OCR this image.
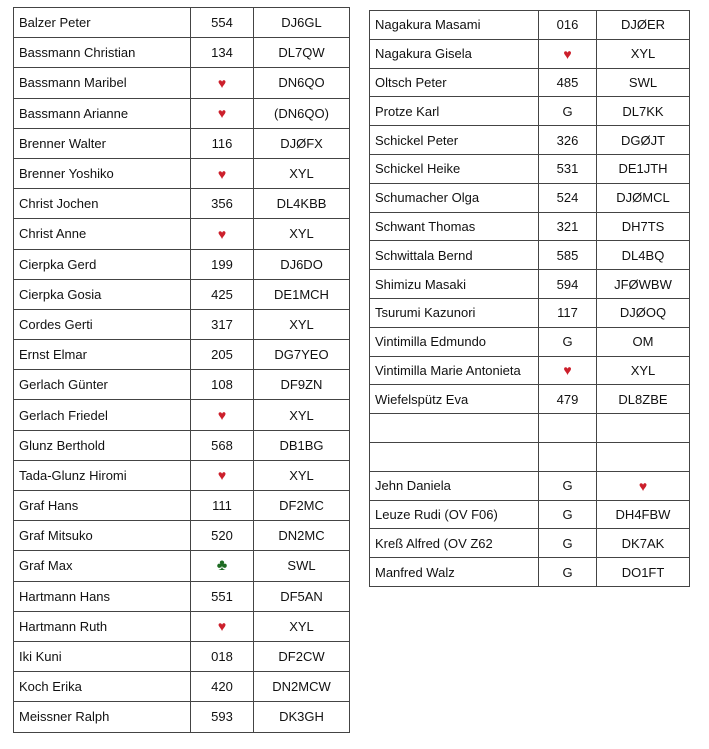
Balzer Peter	554	DJ6GL
Bassmann Christian	134	DL7QW
Bassmann Maribel	♥	DN6QO
Bassmann Arianne	♥	(DN6QO)
Brenner Walter	116	DJØFX
Brenner Yoshiko	♥	XYL
Christ Jochen	356	DL4KBB
Christ Anne	♥	XYL
Cierpka Gerd	199	DJ6DO
Cierpka Gosia	425	DE1MCH
Cordes Gerti	317	XYL
Ernst Elmar	205	DG7YEO
Gerlach Günter	108	DF9ZN
Gerlach Friedel	♥	XYL
Glunz Berthold	568	DB1BG
Tada-Glunz Hiromi	♥	XYL
Graf Hans	111	DF2MC
Graf Mitsuko	520	DN2MC
Graf Max	♣	SWL
Hartmann Hans	551	DF5AN
Hartmann Ruth	♥	XYL
Iki Kuni	018	DF2CW
Koch Erika	420	DN2MCW
Meissner Ralph	593	DK3GH
Nagakura Masami	016	DJØER
Nagakura Gisela	♥	XYL
Oltsch Peter	485	SWL
Protze Karl	G	DL7KK
Schickel Peter	326	DGØJT
Schickel Heike	531	DE1JTH
Schumacher Olga	524	DJØMCL
Schwant Thomas	321	DH7TS
Schwittala Bernd	585	DL4BQ
Shimizu Masaki	594	JFØWBW
Tsurumi Kazunori	117	DJØOQ
Vintimilla Edmundo	G	OM
Vintimilla Marie Antonieta	♥	XYL
Wiefelspütz Eva	479	DL8ZBE

Jehn Daniela	G	♥
Leuze Rudi (OV F06)	G	DH4FBW
Kreß Alfred (OV Z62	G	DK7AK
Manfred Walz	G	DO1FT
